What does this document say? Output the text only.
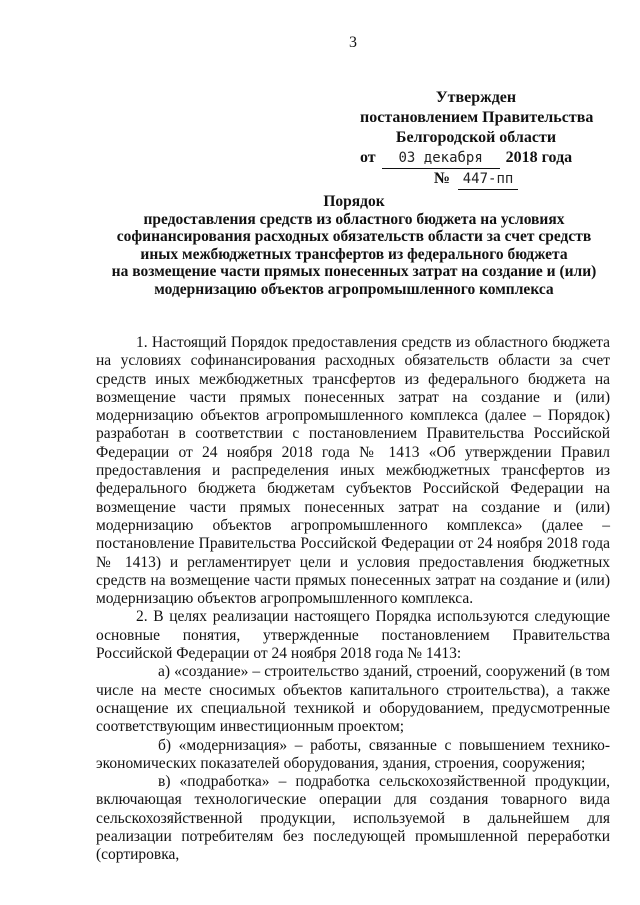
3
Утвержден
постановлением Правительства
Белгородской области
от 03 декабря 2018 года
№ 447-пп
Порядок
предоставления средств из областного бюджета на условиях
софинансирования расходных обязательств области за счет средств
иных межбюджетных трансфертов из федерального бюджета
на возмещение части прямых понесенных затрат на создание и (или)
модернизацию объектов агропромышленного комплекса

1. Настоящий Порядок предоставления средств из областного бюджета на условиях софинансирования расходных обязательств области за счет средств иных межбюджетных трансфертов из федерального бюджета на возмещение части прямых понесенных затрат на создание и (или) модернизацию объектов агропромышленного комплекса (далее – Порядок) разработан в соответствии с постановлением Правительства Российской Федерации от 24 ноября 2018 года № 1413 «Об утверждении Правил предоставления и распределения иных межбюджетных трансфертов из федерального бюджета бюджетам субъектов Российской Федерации на возмещение части прямых понесенных затрат на создание и (или) модернизацию объектов агропромышленного комплекса» (далее – постановление Правительства Российской Федерации от 24 ноября 2018 года № 1413) и регламентирует цели и условия предоставления бюджетных средств на возмещение части прямых понесенных затрат на создание и (или) модернизацию объектов агропромышленного комплекса.

2. В целях реализации настоящего Порядка используются следующие основные понятия, утвержденные постановлением Правительства Российской Федерации от 24 ноября 2018 года № 1413:

а) «создание» – строительство зданий, строений, сооружений (в том числе на месте сносимых объектов капитального строительства), а также оснащение их специальной техникой и оборудованием, предусмотренные соответствующим инвестиционным проектом;

б) «модернизация» – работы, связанные с повышением технико-экономических показателей оборудования, здания, строения, сооружения;

в) «подработка» – подработка сельскохозяйственной продукции, включающая технологические операции для создания товарного вида сельскохозяйственной продукции, используемой в дальнейшем для реализации потребителям без последующей промышленной переработки (сортировка,
